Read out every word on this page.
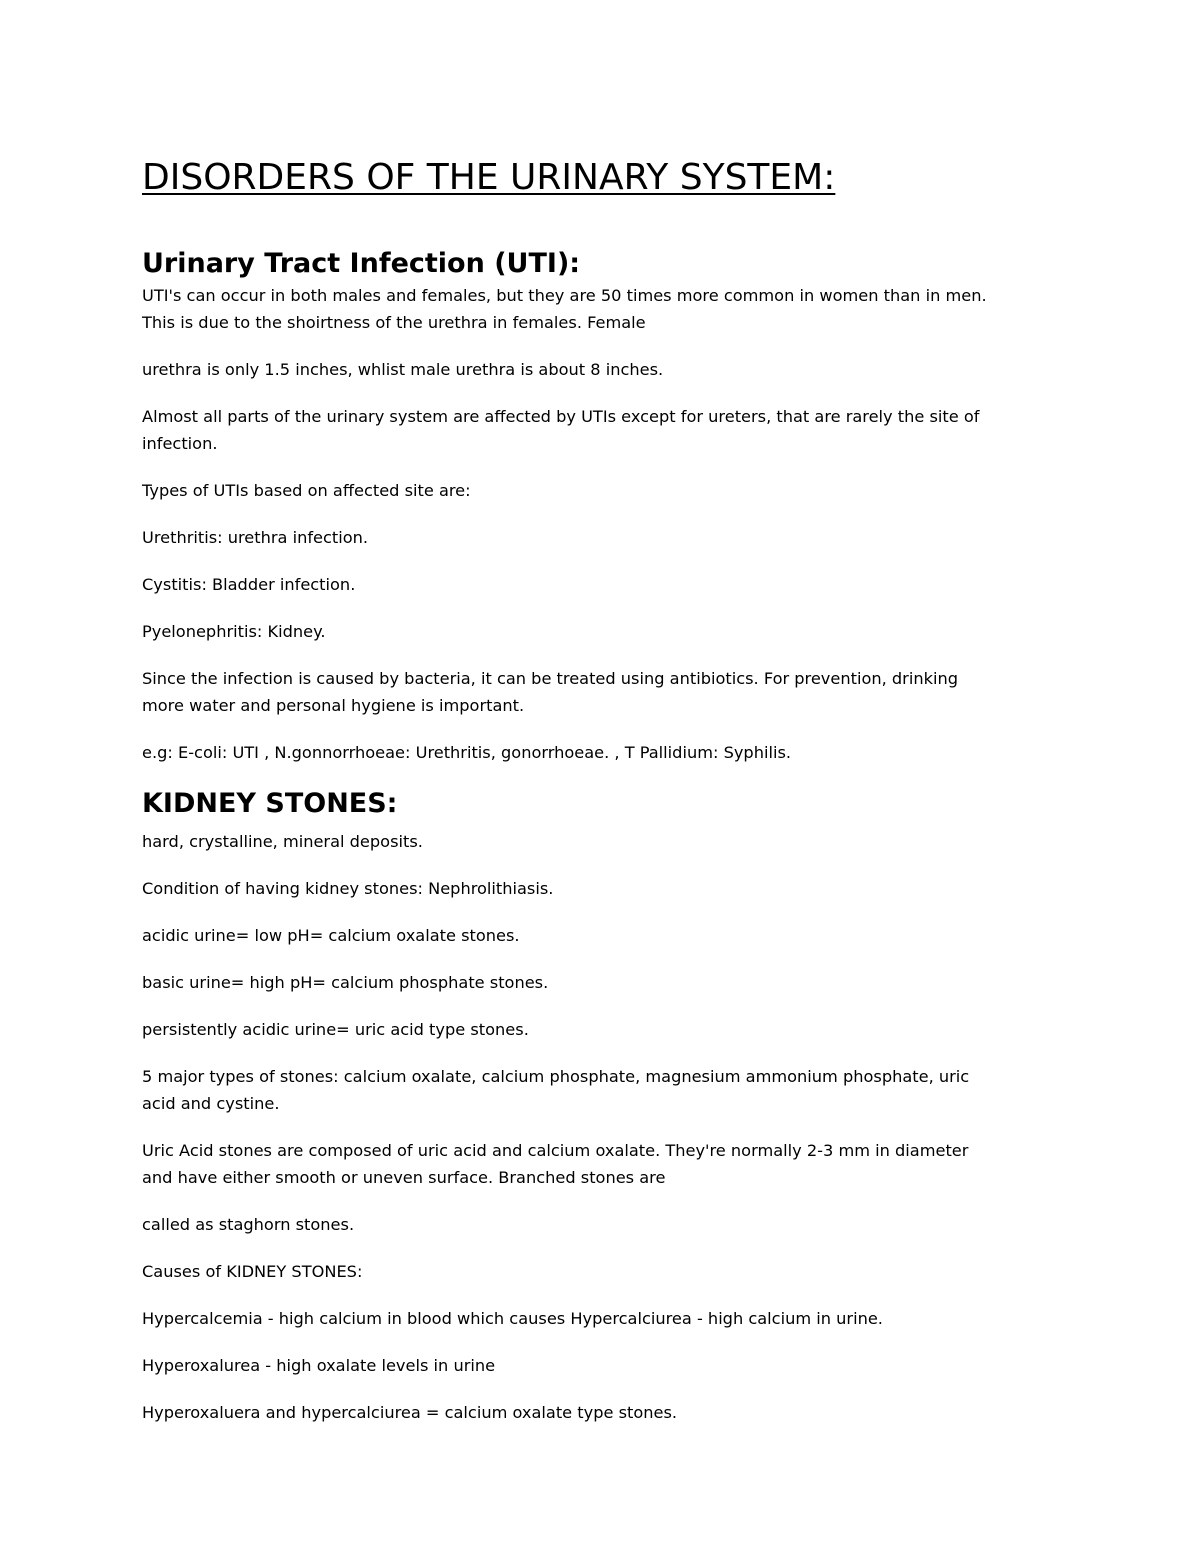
DISORDERS OF THE URINARY SYSTEM:
Urinary Tract Infection (UTI):

UTI's can occur in both males and females, but they are 50 times more common in women than in men.
This is due to the shoirtness of the urethra in females. Female

urethra is only 1.5 inches, whlist male urethra is about 8 inches.

Almost all parts of the urinary system are affected by UTIs except for ureters, that are rarely the site of
infection.

Types of UTIs based on affected site are:

Urethritis: urethra infection.

Cystitis: Bladder infection.

Pyelonephritis: Kidney.

Since the infection is caused by bacteria, it can be treated using antibiotics. For prevention, drinking
more water and personal hygiene is important.

e.g: E-coli: UTI , N.gonnorrhoeae: Urethritis, gonorrhoeae. , T Pallidium: Syphilis.

KIDNEY STONES:

hard, crystalline, mineral deposits.

Condition of having kidney stones: Nephrolithiasis.

acidic urine= low pH= calcium oxalate stones.

basic urine= high pH= calcium phosphate stones.

persistently acidic urine= uric acid type stones.

5 major types of stones: calcium oxalate, calcium phosphate, magnesium ammonium phosphate, uric
acid and cystine.

Uric Acid stones are composed of uric acid and calcium oxalate. They're normally 2-3 mm in diameter
and have either smooth or uneven surface. Branched stones are

called as staghorn stones.

Causes of KIDNEY STONES:

Hypercalcemia - high calcium in blood which causes Hypercalciurea - high calcium in urine.

Hyperoxalurea - high oxalate levels in urine

Hyperoxaluera and hypercalciurea = calcium oxalate type stones.
